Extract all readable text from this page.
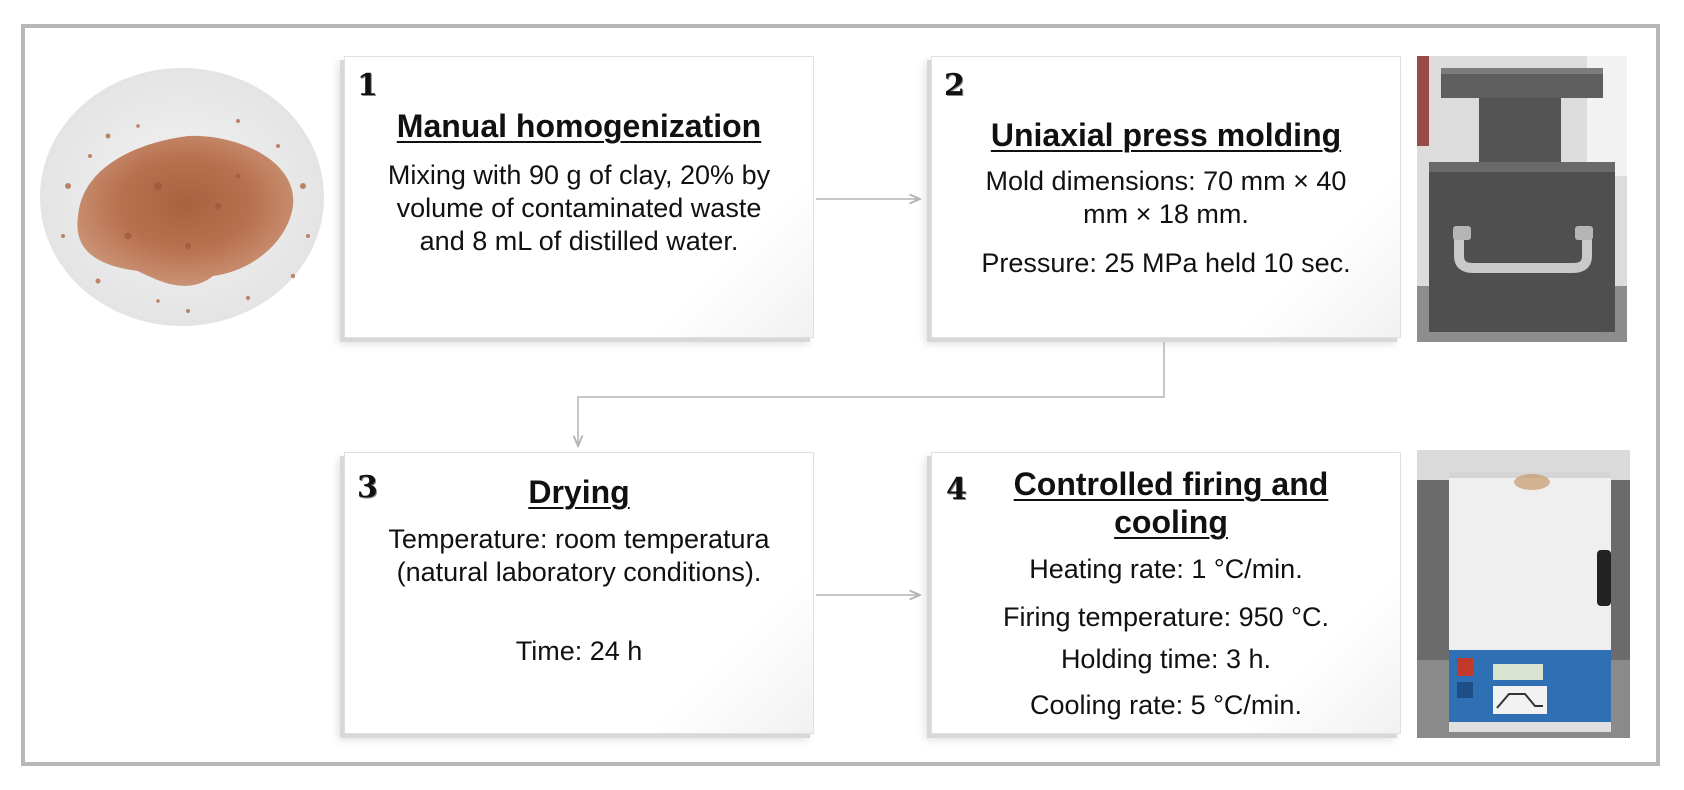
1
Manual homogenization

Mixing with 90 g of clay, 20% by volume of contaminated waste and 8 mL of distilled water.

2
Uniaxial press molding

Mold dimensions: 70 mm × 40 mm × 18 mm.

Pressure: 25 MPa held 10 sec.

3	Drying

Temperature: room temperatura (natural laboratory conditions).

Time: 24 h

4	Controlled firing and cooling

Heating rate: 1 °C/min.

Firing temperature: 950 °C.

Holding time: 3 h.

Cooling rate: 5 °C/min.
